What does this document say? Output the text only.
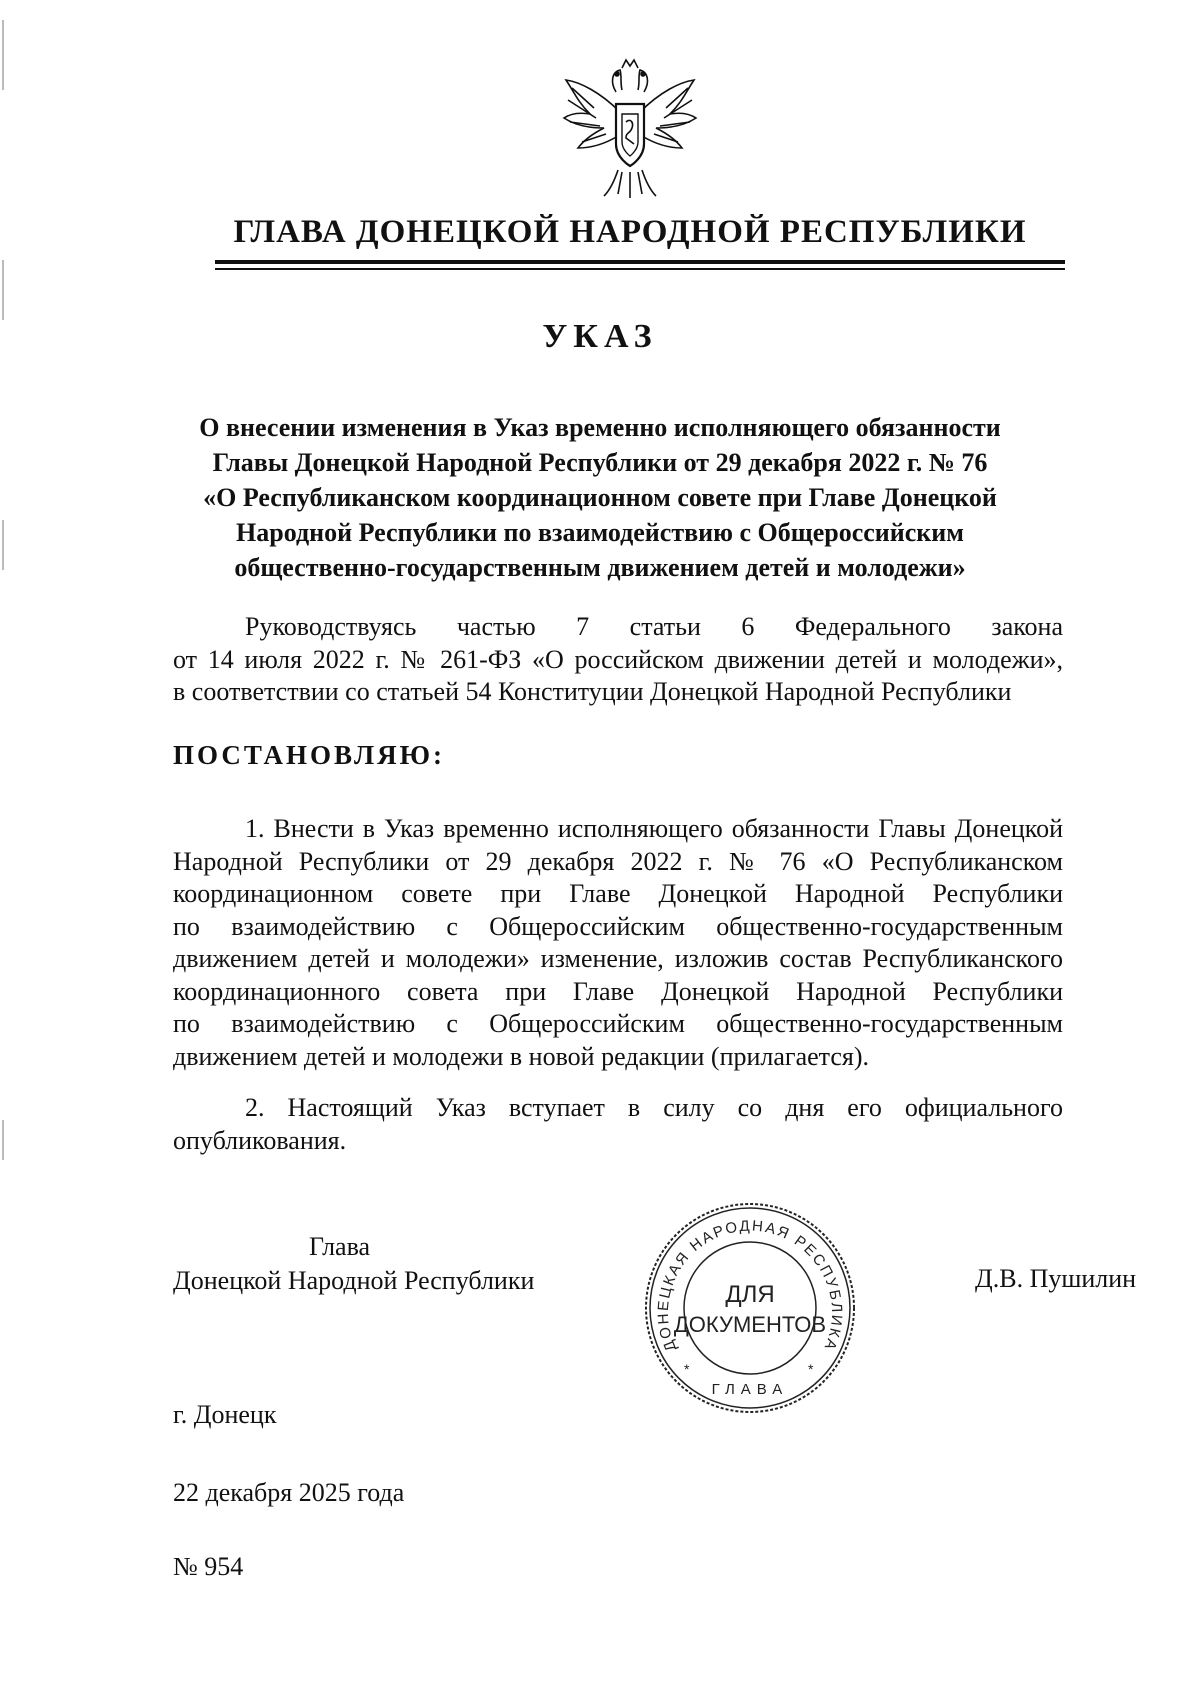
ГЛАВА ДОНЕЦКОЙ НАРОДНОЙ РЕСПУБЛИКИ
УКАЗ
О внесении изменения в Указ временно исполняющего обязанности
Главы Донецкой Народной Республики от 29 декабря 2022 г. № 76
«О Республиканском координационном совете при Главе Донецкой
Народной Республики по взаимодействию с Общероссийским
общественно-государственным движением детей и молодежи»
Руководствуясь частью 7 статьи 6 Федерального закона
от 14 июля 2022 г. № 261-ФЗ «О российском движении детей и молодежи»,
в соответствии со статьей 54 Конституции Донецкой Народной Республики
ПОСТАНОВЛЯЮ:
1. Внести в Указ временно исполняющего обязанности Главы Донецкой
Народной Республики от 29 декабря 2022 г. № 76 «О Республиканском
координационном совете при Главе Донецкой Народной Республики
по взаимодействию с Общероссийским общественно-государственным
движением детей и молодежи» изменение, изложив состав Республиканского
координационного совета при Главе Донецкой Народной Республики
по взаимодействию с Общероссийским общественно-государственным
движением детей и молодежи в новой редакции (прилагается).
2. Настоящий Указ вступает в силу со дня его официального
опубликования.
Глава
Донецкой Народной Республики
ДОНЕЦКАЯ НАРОДНАЯ РЕСПУБЛИКА
ГЛАВА
*	*
ДЛЯ
ДОКУМЕНТОВ
Д.В. Пушилин
г. Донецк
22 декабря 2025 года
№ 954
